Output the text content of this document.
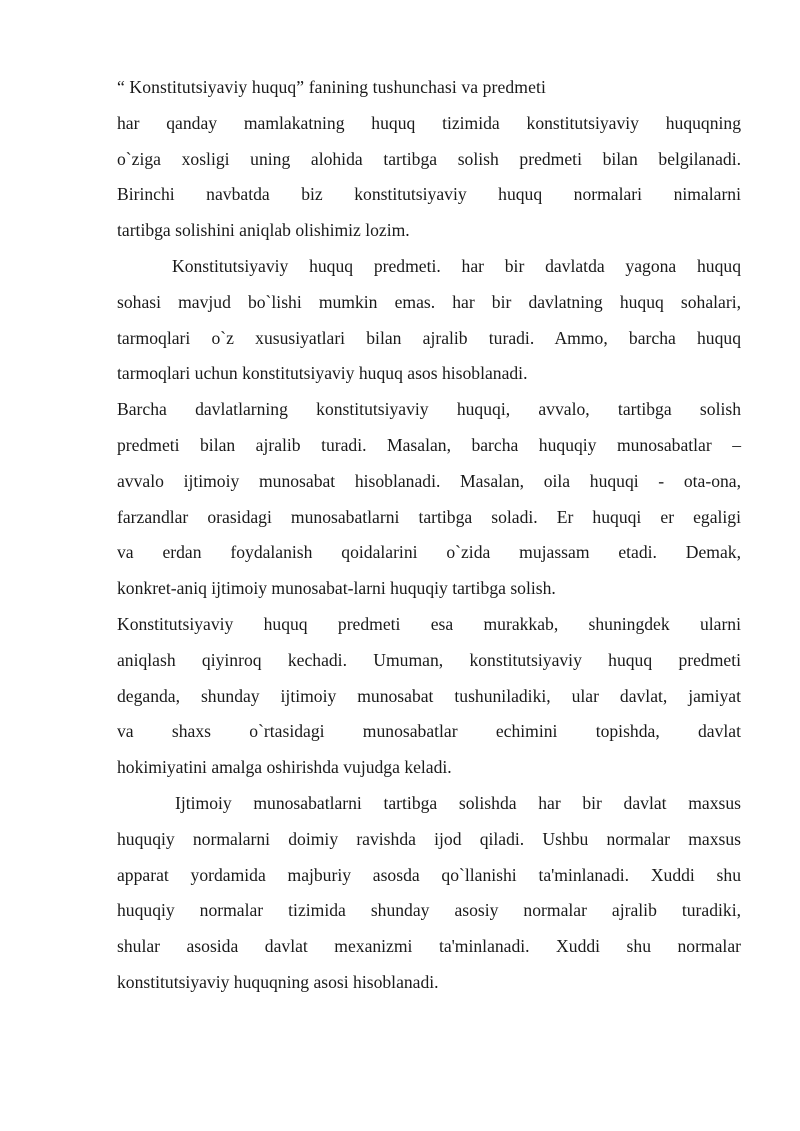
“ Konstitutsiyaviy huquq” fanining tushunchasi va predmeti
har qanday mamlakatning huquq tizimida konstitutsiyaviy huquqning
o`ziga xosligi uning alohida tartibga solish predmeti bilan belgilanadi.
Birinchi navbatda biz konstitutsiyaviy huquq normalari nimalarni
tartibga solishini aniqlab olishimiz lozim.
Konstitutsiyaviy huquq predmeti. har bir davlatda yagona huquq
sohasi mavjud bo`lishi mumkin emas. har bir davlatning huquq sohalari,
tarmoqlari o`z xususiyatlari bilan ajralib turadi. Ammo, barcha huquq
tarmoqlari uchun konstitutsiyaviy huquq asos hisoblanadi.
Barcha davlatlarning konstitutsiyaviy huquqi, avvalo, tartibga solish
predmeti bilan ajralib turadi. Masalan, barcha huquqiy munosabatlar –
avvalo ijtimoiy munosabat hisoblanadi. Masalan, oila huquqi - ota-ona,
farzandlar orasidagi munosabatlarni tartibga soladi. Er huquqi er egaligi
va erdan foydalanish qoidalarini o`zida mujassam etadi. Demak,
konkret-aniq ijtimoiy munosabat-larni huquqiy tartibga solish.
Konstitutsiyaviy huquq predmeti esa murakkab, shuningdek ularni
aniqlash qiyinroq kechadi. Umuman, konstitutsiyaviy huquq predmeti
deganda, shunday ijtimoiy munosabat tushuniladiki, ular davlat, jamiyat
va shaxs o`rtasidagi munosabatlar echimini topishda, davlat
hokimiyatini amalga oshirishda vujudga keladi.
Ijtimoiy munosabatlarni tartibga solishda har bir davlat maxsus
huquqiy normalarni doimiy ravishda ijod qiladi. Ushbu normalar maxsus
apparat yordamida majburiy asosda qo`llanishi ta'minlanadi. Xuddi shu
huquqiy normalar tizimida shunday asosiy normalar ajralib turadiki,
shular asosida davlat mexanizmi ta'minlanadi. Xuddi shu normalar
konstitutsiyaviy huquqning asosi hisoblanadi.
